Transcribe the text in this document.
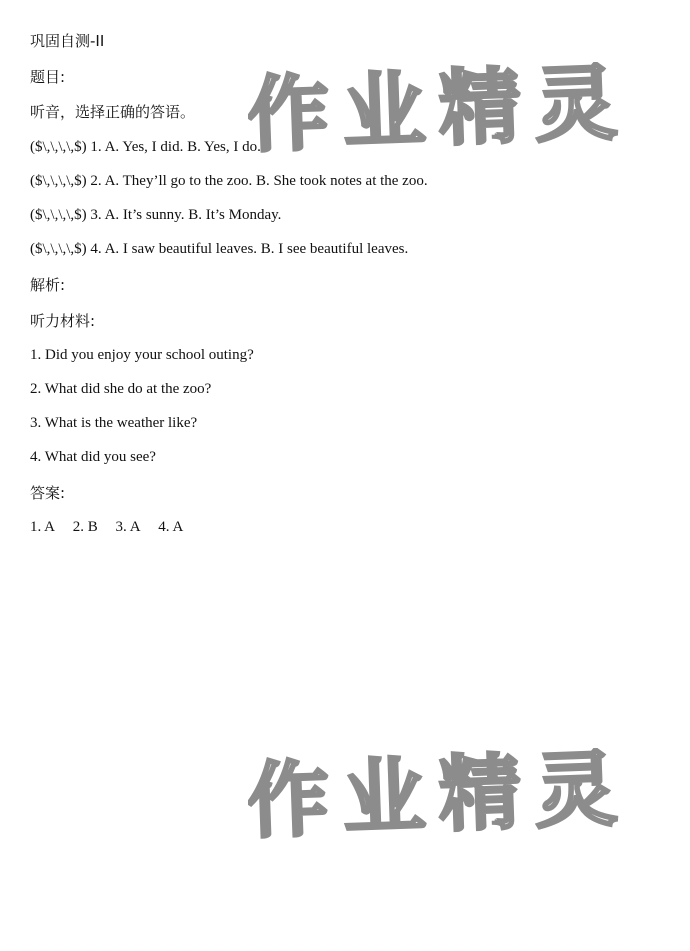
巩固自测-II
题目:
听音，选择正确的答语。
($\,\,\,\,$) 1. A. Yes, I did. B. Yes, I do.
($\,\,\,\,$) 2. A. They’ll go to the zoo. B. She took notes at the zoo.
($\,\,\,\,$) 3. A. It’s sunny. B. It’s Monday.
($\,\,\,\,$) 4. A. I saw beautiful leaves. B. I see beautiful leaves.
解析:
听力材料:
1. Did you enjoy your school outing?
2. What did she do at the zoo?
3. What is the weather like?
4. What did you see?
答案:
1. A 2. B 3. A 4. A
作业精灵
作业精灵
